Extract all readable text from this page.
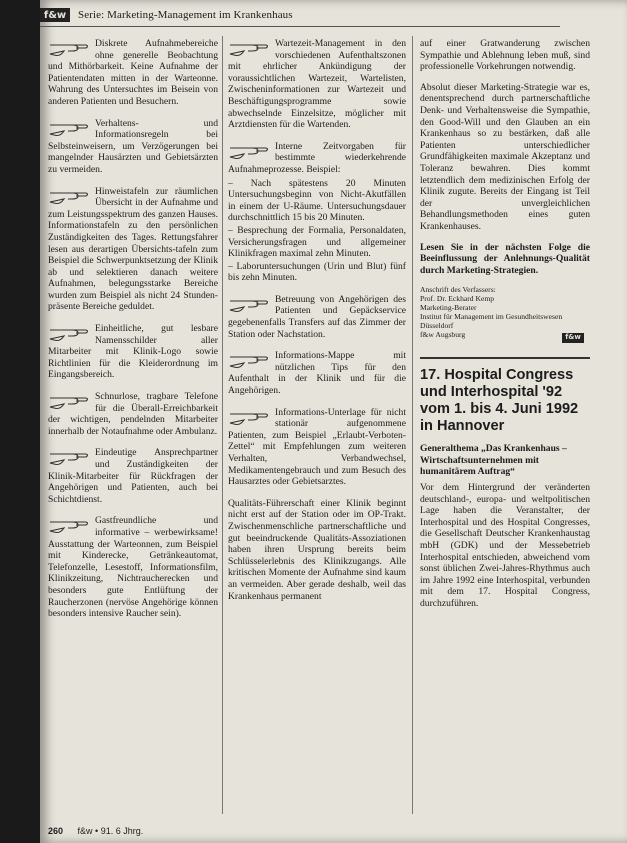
f&w	Serie: Marketing-Management im Krankenhaus
Diskrete Aufnahmebereiche ohne generelle Beobachtung und Mithörbarkeit. Keine Aufnahme der Patientendaten mitten in der Warteonne. Wahrung des Untersuchtes im Beisein von anderen Patienten und Besuchern.
Verhaltens- und Informationsregeln bei Selbsteinweisern, um Verzögerungen bei mangelnder Hausärzten und Gebietsärzten zu vermeiden.
Hinweistafeln zur räumlichen Übersicht in der Aufnahme und zum Leistungsspektrum des ganzen Hauses. Informationstafeln zu den persönlichen Zuständigkeiten des Tages. Rettungsfahrer lesen aus derartigen Übersichts-tafeln zum Beispiel die Schwerpunktsetzung der Klinik ab und selektieren danach weitere Aufnahmen, belegungsstarke Bereiche wurden zum Beispiel als nicht 24 Stunden-präsente Bereiche geduldet.
Einheitliche, gut lesbare Namensschilder aller Mitarbeiter mit Klinik-Logo sowie Richtlinien für die Kleiderordnung im Eingangsbereich.
Schnurlose, tragbare Telefone für die Überall-Erreichbarkeit der wichtigen, pendelnden Mitarbeiter innerhalb der Notaufnahme oder Ambulanz.
Eindeutige Ansprechpartner und Zuständigkeiten der Klinik-Mitarbeiter für Rückfragen der Angehörigen und Patienten, auch bei Schichtdienst.
Gastfreundliche und informative – werbewirksame! Ausstattung der Warteonnen, zum Beispiel mit Kinderecke, Getränkeautomat, Telefonzelle, Lesestoff, Informationsfilm, Klinikzeitung, Nichtraucherecken und besonders gute Entlüftung der Raucherzonen (nervöse Angehörige können besonders intensive Raucher sein).
Wartezeit-Management in den vorschiedenen Aufenthaltszonen mit ehrlicher Ankündigung der voraussichtlichen Wartezeit, Wartelisten, Zwischeninformationen zur Wartezeit und Beschäftigungsprogramme sowie abwechselnde Einzelsitze, möglicher mit Arztdiensten für die Wartenden.
Interne Zeitvorgaben für bestimmte wiederkehrende Aufnahmeprozesse. Beispiel:
– Nach spätestens 20 Minuten Untersuchungsbeginn von Nicht-Akutfällen in einem der U-Räume. Untersuchungsdauer durchschnittlich 15 bis 20 Minuten.
– Besprechung der Formalia, Personaldaten, Versicherungsfragen und allgemeiner Klinikfragen maximal zehn Minuten.
– Laboruntersuchungen (Urin und Blut) fünf bis zehn Minuten.
Betreuung von Angehörigen des Patienten und Gepäckservice gegebenenfalls Transfers auf das Zimmer der Station oder Nachstation.
Informations-Mappe mit nützlichen Tips für den Aufenthalt in der Klinik und für die Angehörigen.
Informations-Unterlage für nicht stationär aufgenommene Patienten, zum Beispiel „Erlaubt-Verboten-Zettel“ mit Empfehlungen zum weiteren Verhalten, Verbandwechsel, Medikamentengebrauch und zum Besuch des Hausarztes oder Gebietsarztes.
Qualitäts-Führerschaft einer Klinik beginnt nicht erst auf der Station oder im OP-Trakt. Zwischenmenschliche partnerschaftliche und gut beeindruckende Qualitäts-Assoziationen haben ihren Ursprung bereits beim Schlüsselerlebnis des Klinikzugangs. Alle kritischen Momente der Aufnahme sind kaum an vermeiden. Aber gerade deshalb, weil das Krankenhaus permanent

auf einer Gratwanderung zwischen Sympathie und Ablehnung leben muß, sind professionelle Vorkehrungen notwendig.

Absolut dieser Marketing-Strategie war es, denentsprechend durch partnerschaftliche Denk- und Verhaltensweise die Sympathie, den Good-Will und den Glauben an ein Krankenhaus so zu bestärken, daß alle Patienten unterschiedlicher Grundfähigkeiten maximale Akzeptanz und Toleranz bewahren. Dies kommt letztendlich dem medizinischen Erfolg der Klinik zugute. Bereits der Eingang ist Teil der unvergleichlichen Behandlungsmethoden eines guten Krankenhauses.

Lesen Sie in der nächsten Folge die Beeinflussung der Anlehnungs-Qualität durch Marketing-Strategien.

Anschrift des Verfassers:
Prof. Dr. Eckhard Kemp
Marketing-Berater
Institut für Management im Gesundheitswesen
Düsseldorf
f&w Augsburg	f&w
17. Hospital Congress und Interhospital '92 vom 1. bis 4. Juni 1992 in Hannover
Generalthema „Das Krankenhaus – Wirtschaftsunternehmen mit humanitärem Auftrag“

Vor dem Hintergrund der veränderten deutschland-, europa- und weltpolitischen Lage haben die Veranstalter, der Interhospital und des Hospital Congresses, die Gesellschaft Deutscher Krankenhaustag mbH (GDK) und der Messebetrieb Interhospital entschieden, abweichend vom sonst üblichen Zwei-Jahres-Rhythmus auch im Jahre 1992 eine Interhospital, verbunden mit dem 17. Hospital Congress, durchzuführen.

260 f&w • 91. 6 Jhrg.
